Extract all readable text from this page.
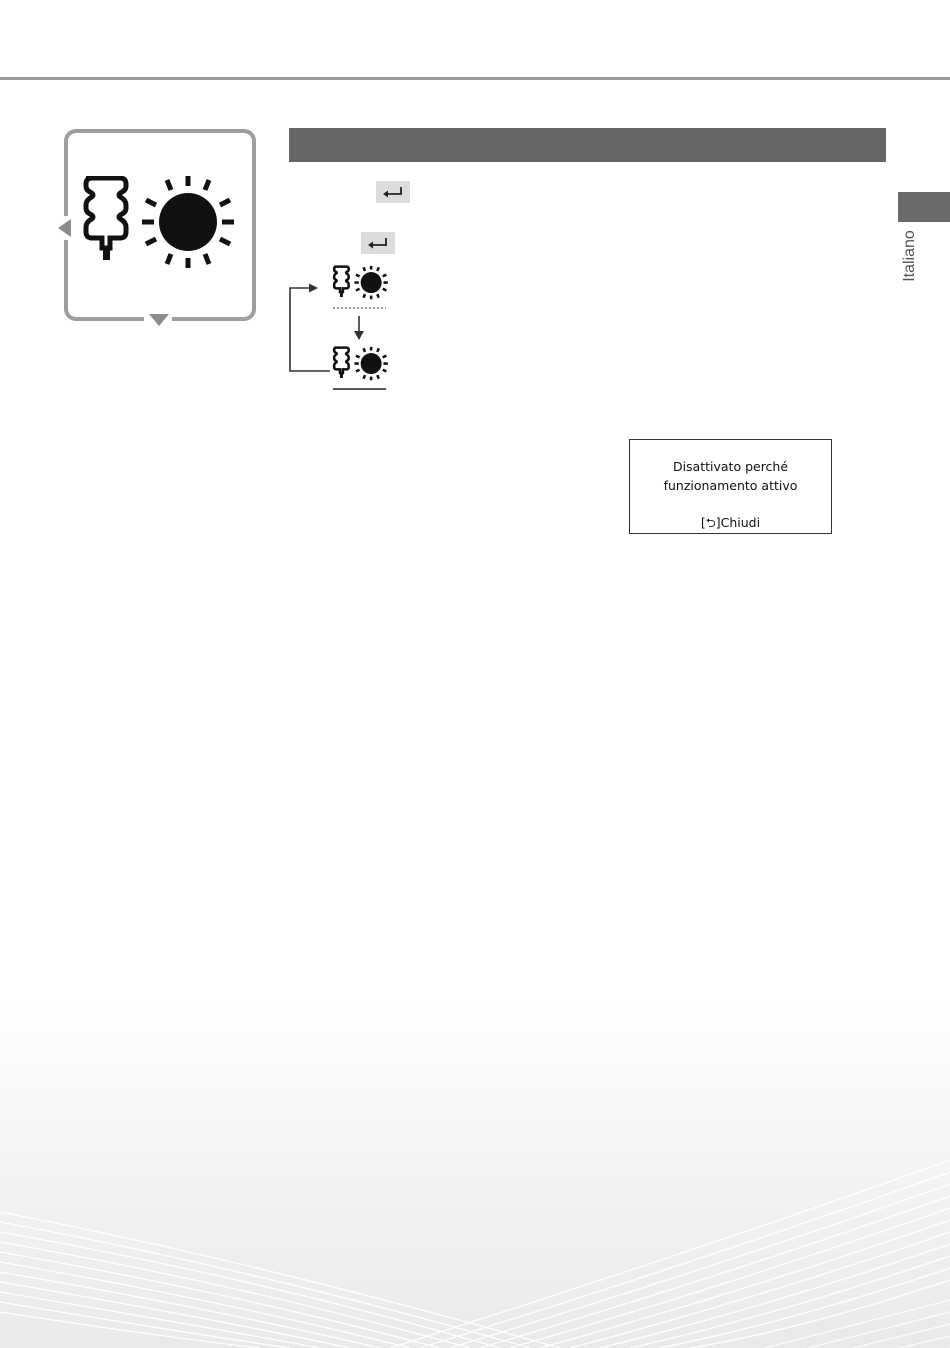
Italiano
Disattivato perché
funzionamento attivo
[⮌]Chiudi
